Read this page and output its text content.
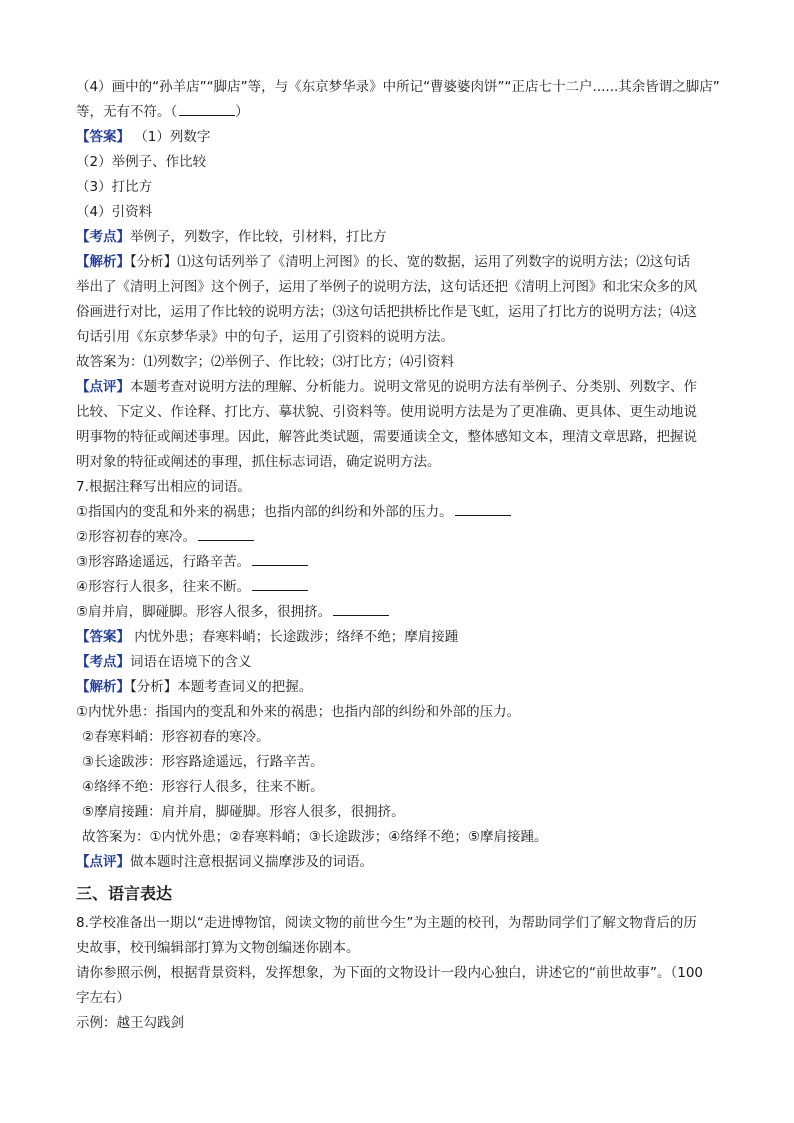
（4）画中的“孙羊店”“脚店”等，与《东京梦华录》中所记“曹婆婆肉饼”“正店七十二户......其余皆谓之脚店”

等，无有不符。（	）

【答案】 （1）列数字

（2）举例子、作比较

（3）打比方

（4）引资料

【考点】举例子，列数字，作比较，引材料，打比方

【解析】【分析】⑴这句话列举了《清明上河图》的长、宽的数据，运用了列数字的说明方法；⑵这句话

举出了《清明上河图》这个例子，运用了举例子的说明方法，这句话还把《清明上河图》和北宋众多的风

俗画进行对比，运用了作比较的说明方法；⑶这句话把拱桥比作是飞虹，运用了打比方的说明方法；⑷这

句话引用《东京梦华录》中的句子，运用了引资料的说明方法。

故答案为：⑴列数字；⑵举例子、作比较；⑶打比方；⑷引资料

【点评】本题考查对说明方法的理解、分析能力。说明文常见的说明方法有举例子、分类别、列数字、作

比较、下定义、作诠释、打比方、摹状貌、引资料等。使用说明方法是为了更准确、更具体、更生动地说

明事物的特征或阐述事理。因此，解答此类试题，需要通读全文，整体感知文本，理清文章思路，把握说

明对象的特征或阐述的事理，抓住标志词语，确定说明方法。

7.根据注释写出相应的词语。

①指国内的变乱和外来的祸患；也指内部的纠纷和外部的压力。

②形容初春的寒冷。

③形容路途遥远，行路辛苦。

④形容行人很多，往来不断。

⑤肩并肩，脚碰脚。形容人很多，很拥挤。

【答案】 内忧外患；春寒料峭；长途跋涉；络绎不绝；摩肩接踵

【考点】词语在语境下的含义

【解析】【分析】本题考查词义的把握。

①内忧外患：指国内的变乱和外来的祸患；也指内部的纠纷和外部的压力。

②春寒料峭：形容初春的寒冷。

③长途跋涉：形容路途遥远，行路辛苦。

④络绎不绝：形容行人很多，往来不断。

⑤摩肩接踵：肩并肩，脚碰脚。形容人很多，很拥挤。

故答案为：①内忧外患；②春寒料峭；③长途跋涉；④络绎不绝；⑤摩肩接踵。

【点评】做本题时注意根据词义揣摩涉及的词语。

三、语言表达

8.学校准备出一期以“走进博物馆，阅读文物的前世今生”为主题的校刊，为帮助同学们了解文物背后的历

史故事，校刊编辑部打算为文物创编迷你剧本。

请你参照示例，根据背景资料，发挥想象，为下面的文物设计一段内心独白，讲述它的“前世故事”。（100

字左右）

示例：越王勾践剑
